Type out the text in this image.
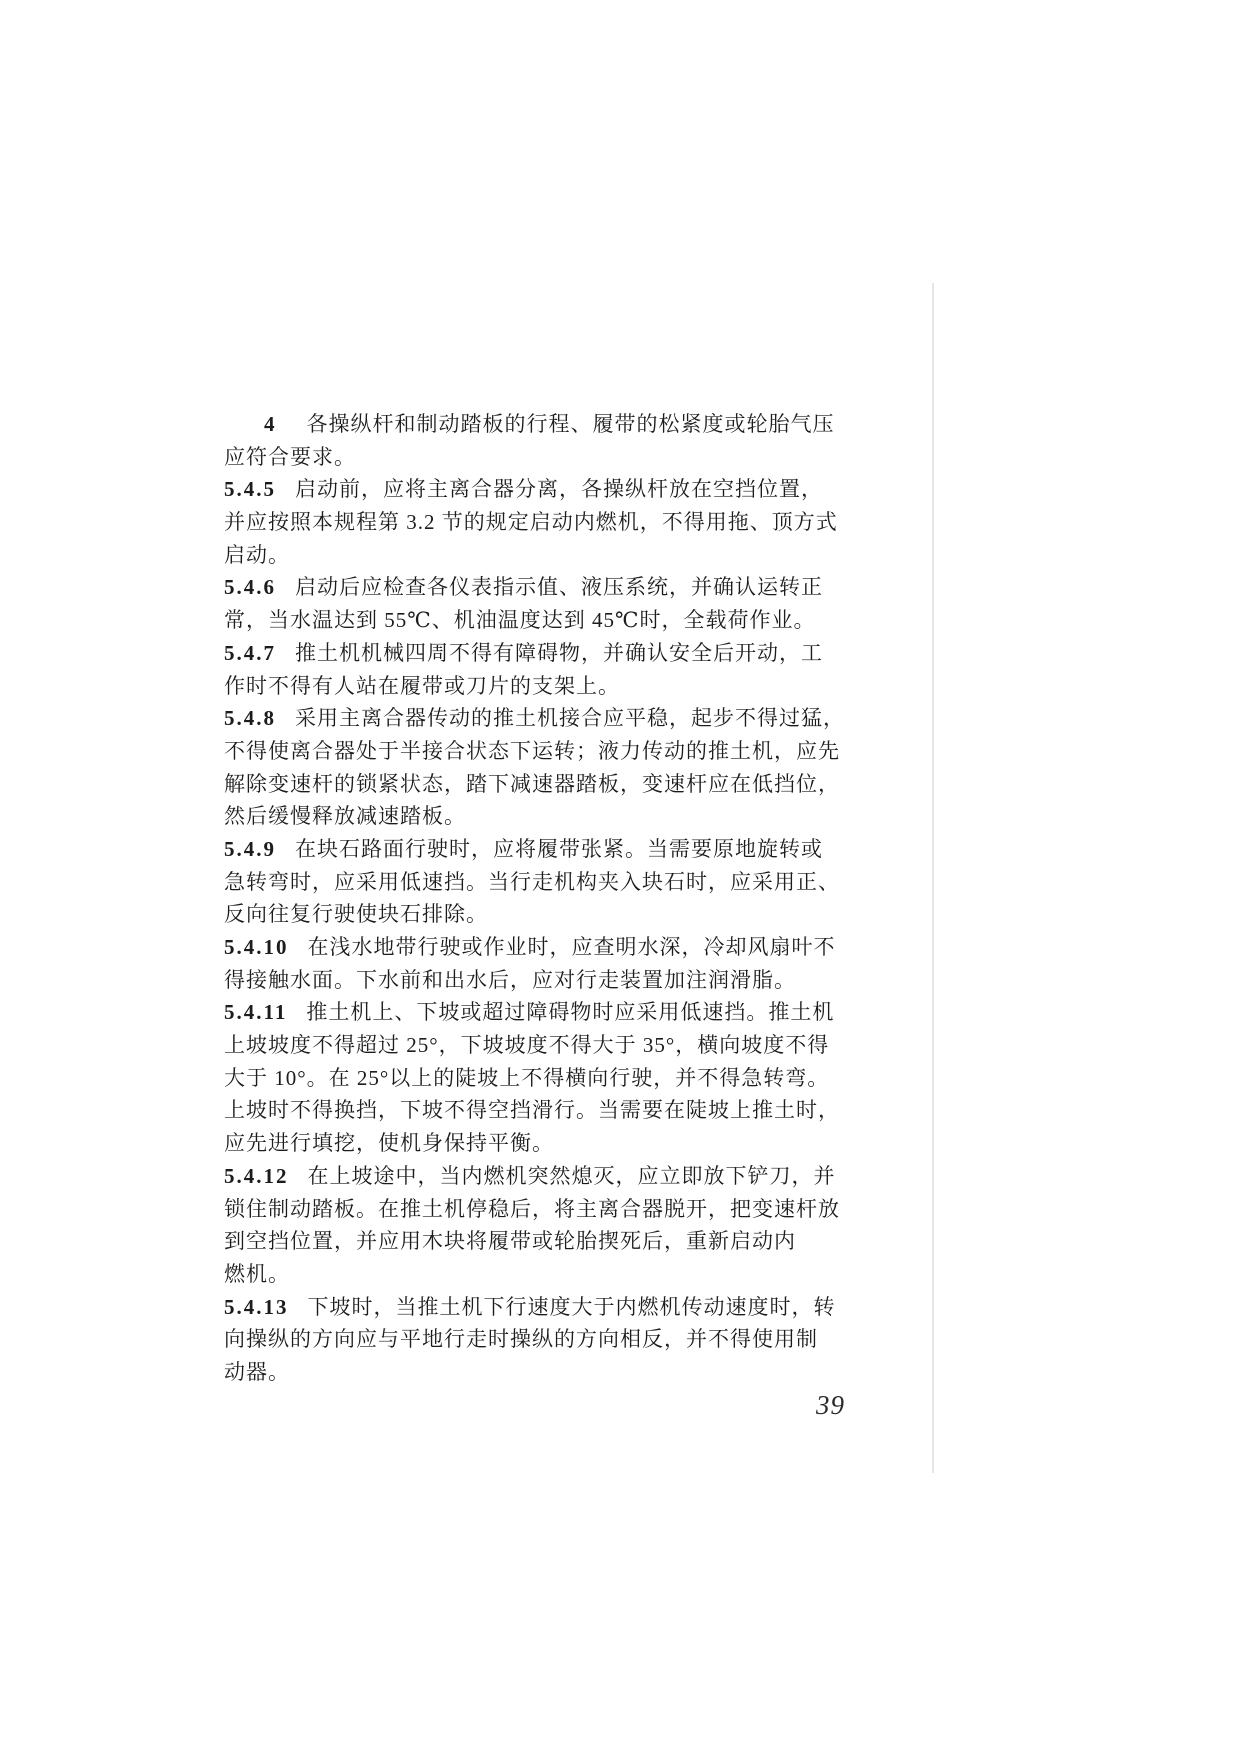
4 各操纵杆和制动踏板的行程、履带的松紧度或轮胎气压
应符合要求。
5.4.5 启动前，应将主离合器分离，各操纵杆放在空挡位置，
并应按照本规程第 3.2 节的规定启动内燃机，不得用拖、顶方式
启动。
5.4.6 启动后应检查各仪表指示值、液压系统，并确认运转正
常，当水温达到 55℃、机油温度达到 45℃时，全载荷作业。
5.4.7 推土机机械四周不得有障碍物，并确认安全后开动，工
作时不得有人站在履带或刀片的支架上。
5.4.8 采用主离合器传动的推土机接合应平稳，起步不得过猛，
不得使离合器处于半接合状态下运转；液力传动的推土机，应先
解除变速杆的锁紧状态，踏下减速器踏板，变速杆应在低挡位，
然后缓慢释放减速踏板。
5.4.9 在块石路面行驶时，应将履带张紧。当需要原地旋转或
急转弯时，应采用低速挡。当行走机构夹入块石时，应采用正、
反向往复行驶使块石排除。
5.4.10 在浅水地带行驶或作业时，应查明水深，冷却风扇叶不
得接触水面。下水前和出水后，应对行走装置加注润滑脂。
5.4.11 推土机上、下坡或超过障碍物时应采用低速挡。推土机
上坡坡度不得超过 25°，下坡坡度不得大于 35°，横向坡度不得
大于 10°。在 25°以上的陡坡上不得横向行驶，并不得急转弯。
上坡时不得换挡，下坡不得空挡滑行。当需要在陡坡上推土时，
应先进行填挖，使机身保持平衡。
5.4.12 在上坡途中，当内燃机突然熄灭，应立即放下铲刀，并
锁住制动踏板。在推土机停稳后，将主离合器脱开，把变速杆放
到空挡位置，并应用木块将履带或轮胎揳死后，重新启动内
燃机。
5.4.13 下坡时，当推土机下行速度大于内燃机传动速度时，转
向操纵的方向应与平地行走时操纵的方向相反，并不得使用制
动器。
39
